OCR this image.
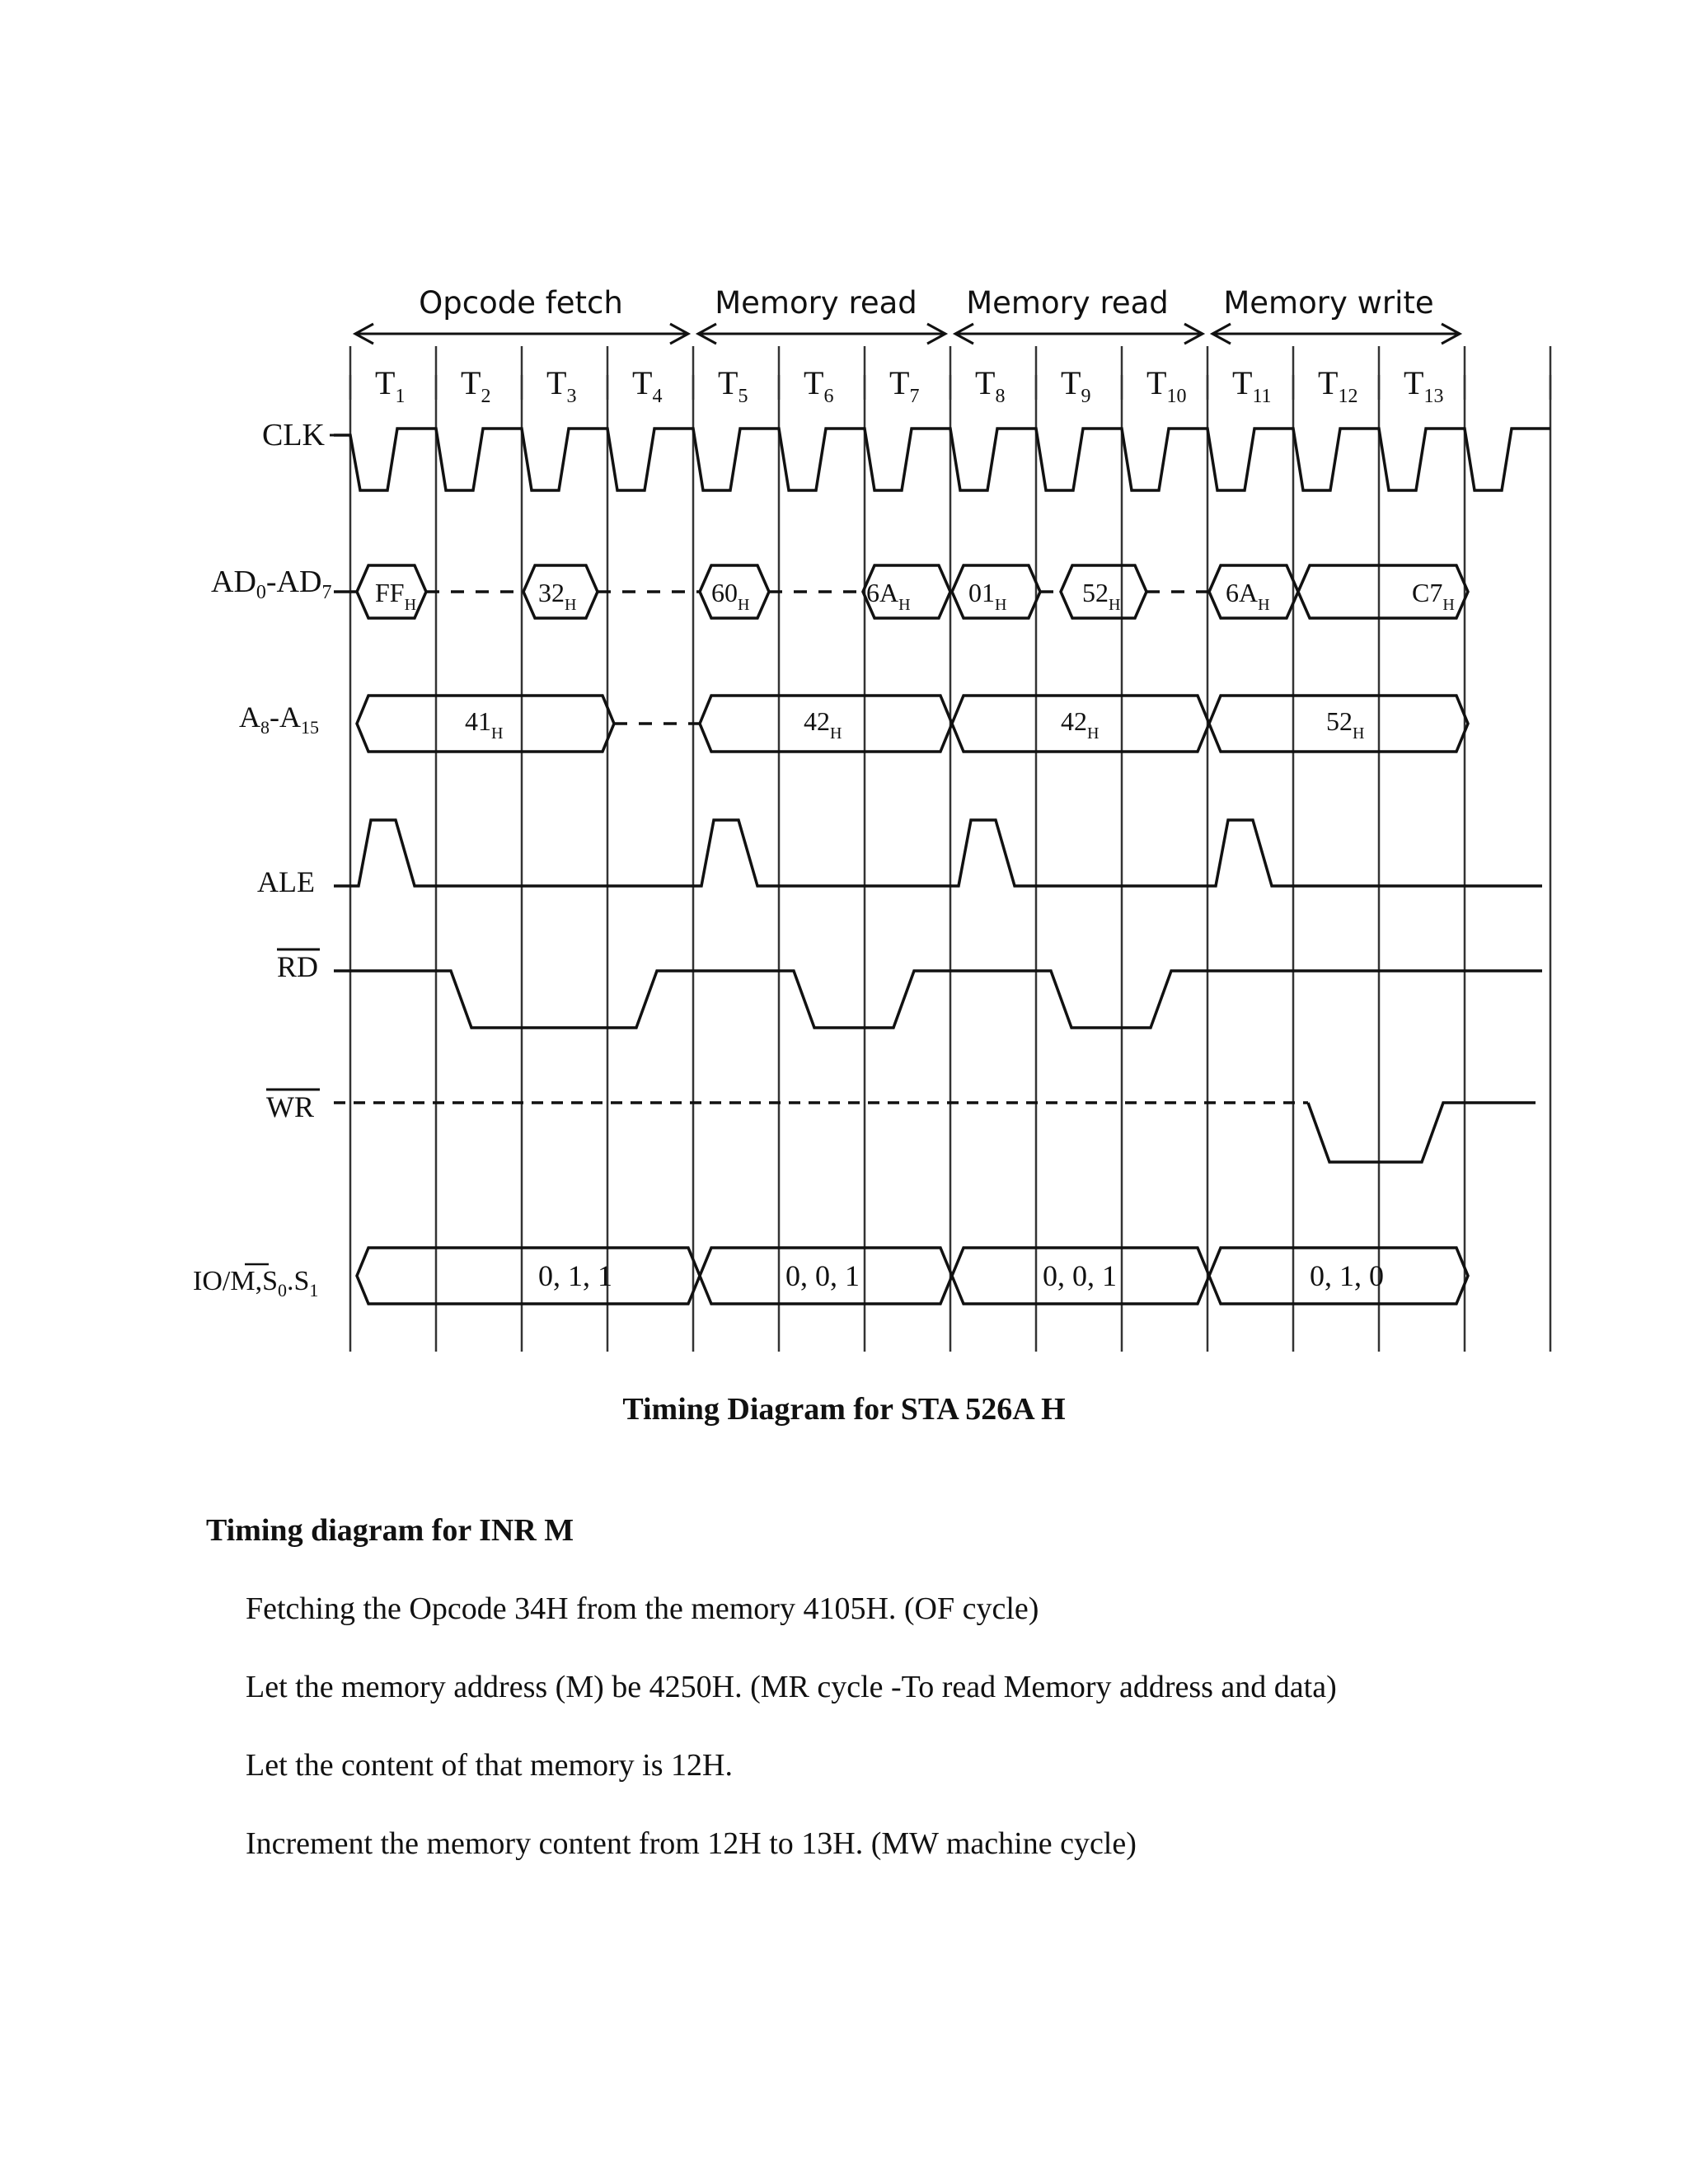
Opcode fetch	Memory read Memory read Memory write
$T_1$ $T_2$ $T_3$ $T_4$ $T_5$ $T_6$ $T_7$ $T_8$ $T_9$ $T_{10}$ $T_{11}$ $T_{12}$ $T_{13}$
CLK
$AD_0-AD_7$
$A_8-A_{15}$
ALE
RD
WR
$IO/M,S_0.S_1$
$FF_H$	$32_H$	$60_H$	$6A_H$ $01_H$	$52_H$	$6A_H$	$C7_H$
$41_H$	$42_H$	$42_H$	$52_H$
0, 1, 1	0, 0, 1	0, 0, 1	0, 1, 0
Timing Diagram for STA 526A H
Timing diagram for INR M
Fetching the Opcode 34H from the memory 4105H. (OF cycle)
Let the memory address (M) be 4250H. (MR cycle -To read Memory address and data)
Let the content of that memory is 12H.
Increment the memory content from 12H to 13H. (MW machine cycle)
